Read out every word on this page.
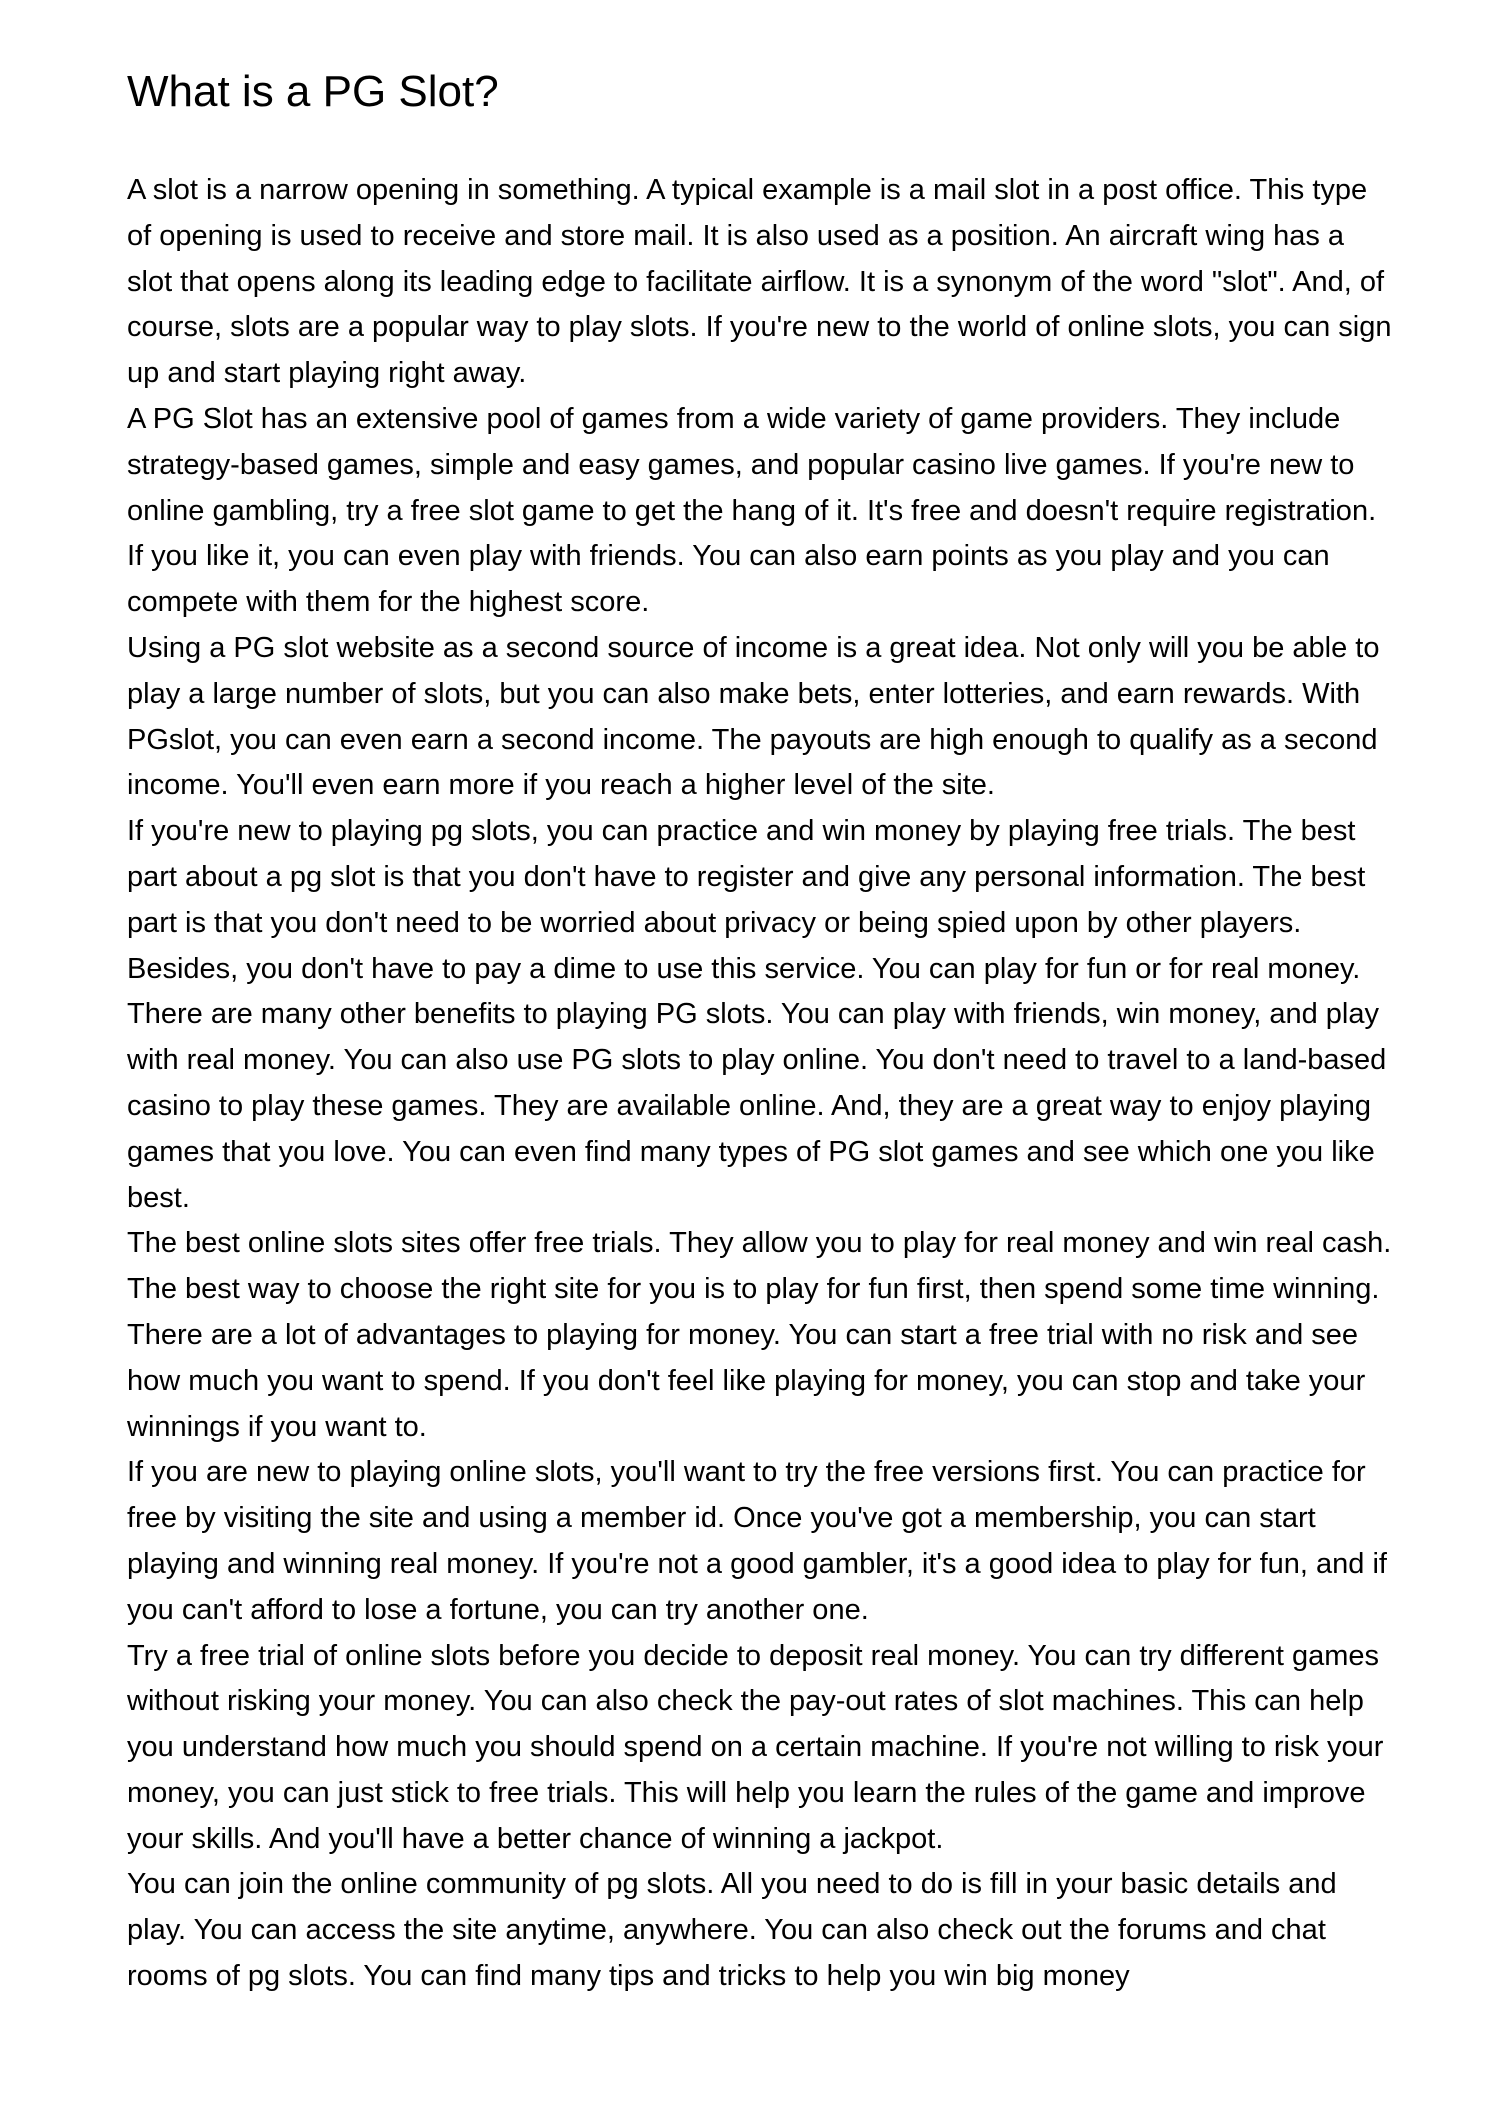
What is a PG Slot?

A slot is a narrow opening in something. A typical example is a mail slot in a post office. This type of opening is used to receive and store mail. It is also used as a position. An aircraft wing has a slot that opens along its leading edge to facilitate airflow. It is a synonym of the word "slot". And, of course, slots are a popular way to play slots. If you're new to the world of online slots, you can sign up and start playing right away.

A PG Slot has an extensive pool of games from a wide variety of game providers. They include strategy-based games, simple and easy games, and popular casino live games. If you're new to online gambling, try a free slot game to get the hang of it. It's free and doesn't require registration. If you like it, you can even play with friends. You can also earn points as you play and you can compete with them for the highest score.

Using a PG slot website as a second source of income is a great idea. Not only will you be able to play a large number of slots, but you can also make bets, enter lotteries, and earn rewards. With PGslot, you can even earn a second income. The payouts are high enough to qualify as a second income. You'll even earn more if you reach a higher level of the site.

If you're new to playing pg slots, you can practice and win money by playing free trials. The best part about a pg slot is that you don't have to register and give any personal information. The best part is that you don't need to be worried about privacy or being spied upon by other players. Besides, you don't have to pay a dime to use this service. You can play for fun or for real money.

There are many other benefits to playing PG slots. You can play with friends, win money, and play with real money. You can also use PG slots to play online. You don't need to travel to a land-based casino to play these games. They are available online. And, they are a great way to enjoy playing games that you love. You can even find many types of PG slot games and see which one you like best.

The best online slots sites offer free trials. They allow you to play for real money and win real cash. The best way to choose the right site for you is to play for fun first, then spend some time winning. There are a lot of advantages to playing for money. You can start a free trial with no risk and see how much you want to spend. If you don't feel like playing for money, you can stop and take your winnings if you want to.

If you are new to playing online slots, you'll want to try the free versions first. You can practice for free by visiting the site and using a member id. Once you've got a membership, you can start playing and winning real money. If you're not a good gambler, it's a good idea to play for fun, and if you can't afford to lose a fortune, you can try another one.

Try a free trial of online slots before you decide to deposit real money. You can try different games without risking your money. You can also check the pay-out rates of slot machines. This can help you understand how much you should spend on a certain machine. If you're not willing to risk your money, you can just stick to free trials. This will help you learn the rules of the game and improve your skills. And you'll have a better chance of winning a jackpot.

You can join the online community of pg slots. All you need to do is fill in your basic details and play. You can access the site anytime, anywhere. You can also check out the forums and chat rooms of pg slots. You can find many tips and tricks to help you win big money
